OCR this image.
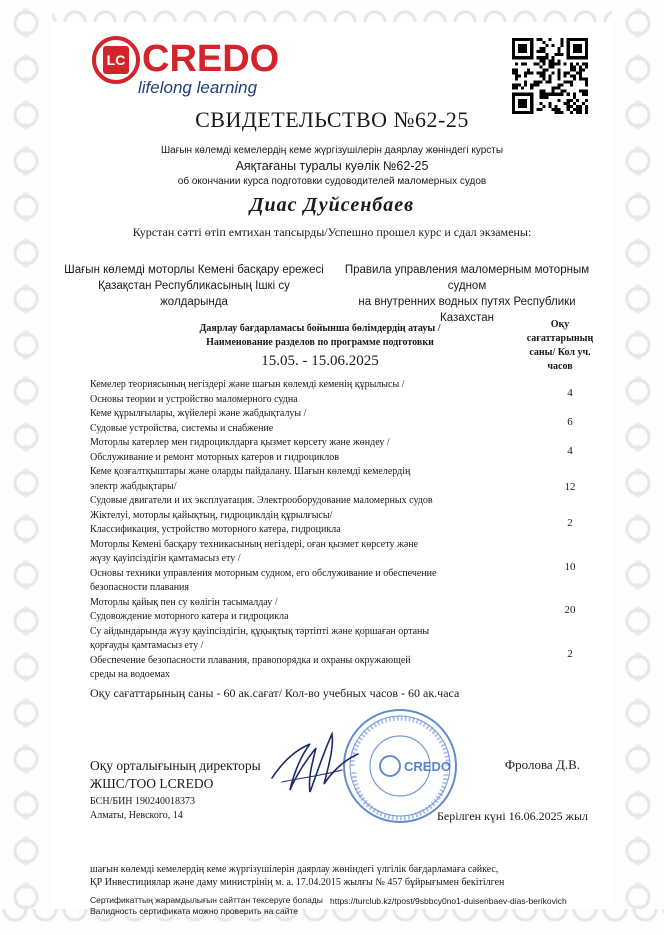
LC CREDO
lifelong learning
СВИДЕТЕЛЬСТВО №62-25
Шағын көлемді кемелердің кеме жүргізушілерін даярлау жөніндегі курсты
Аяқтағаны туралы куәлік №62-25
об окончании курса подготовки судоводителей маломерных судов
Диас Дуйсенбаев
Курстан сәтті өтіп емтихан тапсырды/Успешно прошел курс и сдал экзамены:
Шағын көлемді моторлы Кемені басқару ережесі
Қазақстан Республикасының Ішкі су жолдарында
Правила управления маломерным моторным судном
на внутренних водных путях Республики Казахстан
Даярлау бағдарламасы бойынша бөлімдердің атауы /
Наименование разделов по программе подготовки
15.05. - 15.06.2025
Оқу
сағаттарының
саны/ Кол уч.
часов
Кемелер теориясының негіздері және шағын көлемді кеменің құрылысы /
Основы теории и устройство маломерного судна
4
Кеме құрылғылары, жүйелері және жабдықталуы /
Судовые устройства, системы и снабжение
6
Моторлы катерлер мен гидроциклдарға қызмет көрсету және жөндеу /
Обслуживание и ремонт моторных катеров и гидроциклов
4
Кеме қозғалтқыштары және оларды пайдалану. Шағын көлемді кемелердің
электр жабдықтары/
Судовые двигатели и их эксплуатация. Электрооборудование маломерных судов
12
Жіктелуі, моторлы қайықтың, гидроциклдің құрылғысы/
Классификация, устройство моторного катера, гидроцикла
2
Моторлы Кемені басқару техникасының негіздері, оған қызмет көрсету және
жүзу қауіпсіздігін қамтамасыз ету /
Основы техники управления моторным судном, его обслуживание и обеспечение
безопасности плавания
10
Моторлы қайық пен су көлігін тасымалдау /
Судовождение моторного катера и гидроцикла
20
Су айдындарында жүзу қауіпсіздігін, құқықтық тәртіпті және қоршаған ортаны
қорғауды қамтамасыз ету /
Обеспечение безопасности плавания, правопорядка и охраны окружающей
среды на водоемах
2
Оқу сағаттарының саны - 60 ак.сағат/ Кол-во учебных часов - 60 ак.часа
CREDO
Оқу орталығының директоры
ЖШС/ТОО LCREDO
БСН/БИН 190240018373
Алматы, Невского, 14
Фролова Д.В.
Берілген күні 16.06.2025 жыл
шағын көлемді кемелердің кеме жүргізушілерін даярлау жөніндегі үлгілік бағдарламаға сәйкес,
ҚР Инвестициялар және даму министрінің м. а. 17.04.2015 жылғы № 457 бұйрығымен бекітілген
Сертификаттың жарамдылығын сайттан тексеруге болады
Валидность сертификата можно проверить на сайте
https://turclub.kz/tpost/9sbbcy0no1-duisenbaev-dias-berikovich
